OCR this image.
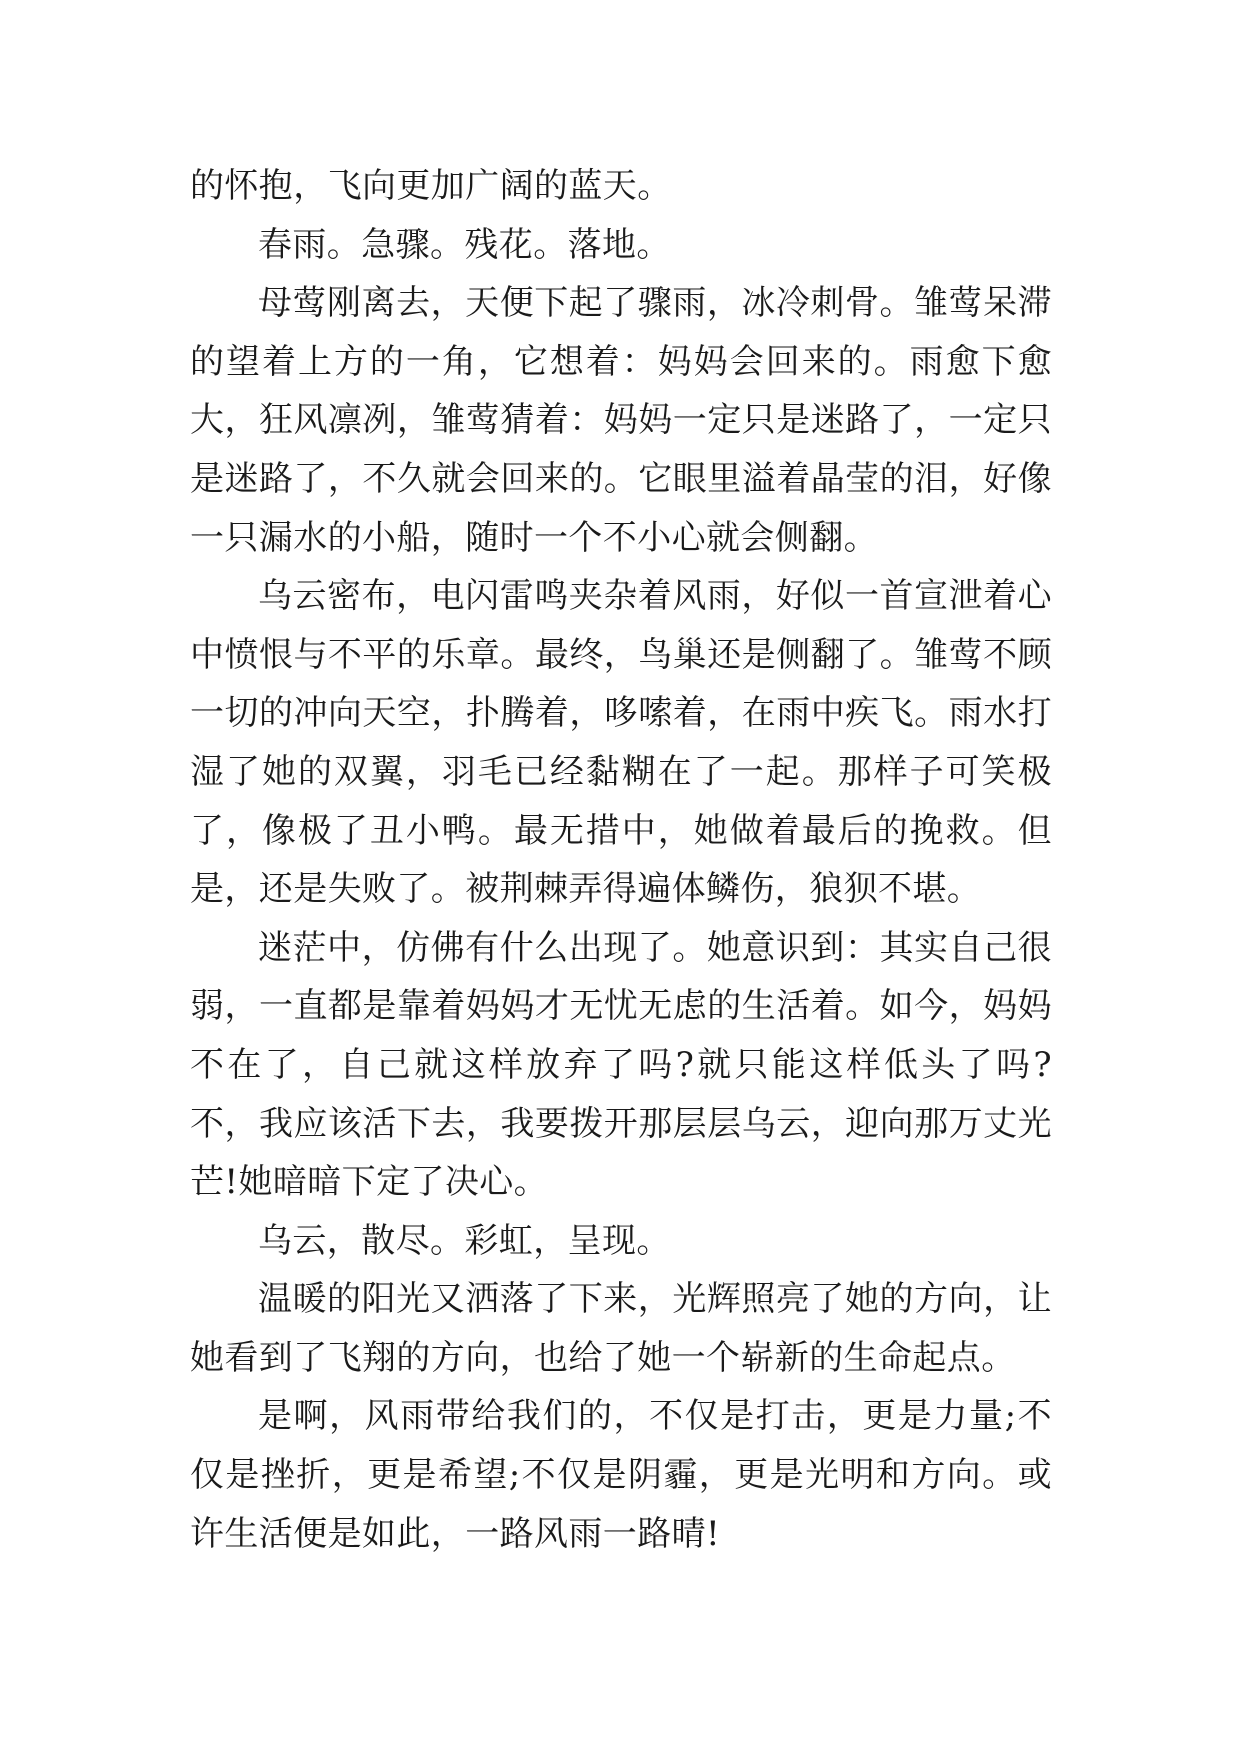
的怀抱，飞向更加广阔的蓝天。

春雨。急骤。残花。落地。

母莺刚离去，天便下起了骤雨，冰冷刺骨。雏莺呆滞的望着上方的一角，它想着：妈妈会回来的。雨愈下愈大，狂风凛冽，雏莺猜着：妈妈一定只是迷路了，一定只是迷路了，不久就会回来的。它眼里溢着晶莹的泪，好像一只漏水的小船，随时一个不小心就会侧翻。

乌云密布，电闪雷鸣夹杂着风雨，好似一首宣泄着心中愤恨与不平的乐章。最终，鸟巢还是侧翻了。雏莺不顾一切的冲向天空，扑腾着，哆嗦着，在雨中疾飞。雨水打湿了她的双翼，羽毛已经黏糊在了一起。那样子可笑极了，像极了丑小鸭。最无措中，她做着最后的挽救。但是，还是失败了。被荆棘弄得遍体鳞伤，狼狈不堪。

迷茫中，仿佛有什么出现了。她意识到：其实自己很弱，一直都是靠着妈妈才无忧无虑的生活着。如今，妈妈不在了，自己就这样放弃了吗?就只能这样低头了吗?不，我应该活下去，我要拨开那层层乌云，迎向那万丈光芒!她暗暗下定了决心。

乌云，散尽。彩虹，呈现。

温暖的阳光又洒落了下来，光辉照亮了她的方向，让她看到了飞翔的方向，也给了她一个崭新的生命起点。

是啊，风雨带给我们的，不仅是打击，更是力量;不仅是挫折，更是希望;不仅是阴霾，更是光明和方向。或许生活便是如此，一路风雨一路晴!
